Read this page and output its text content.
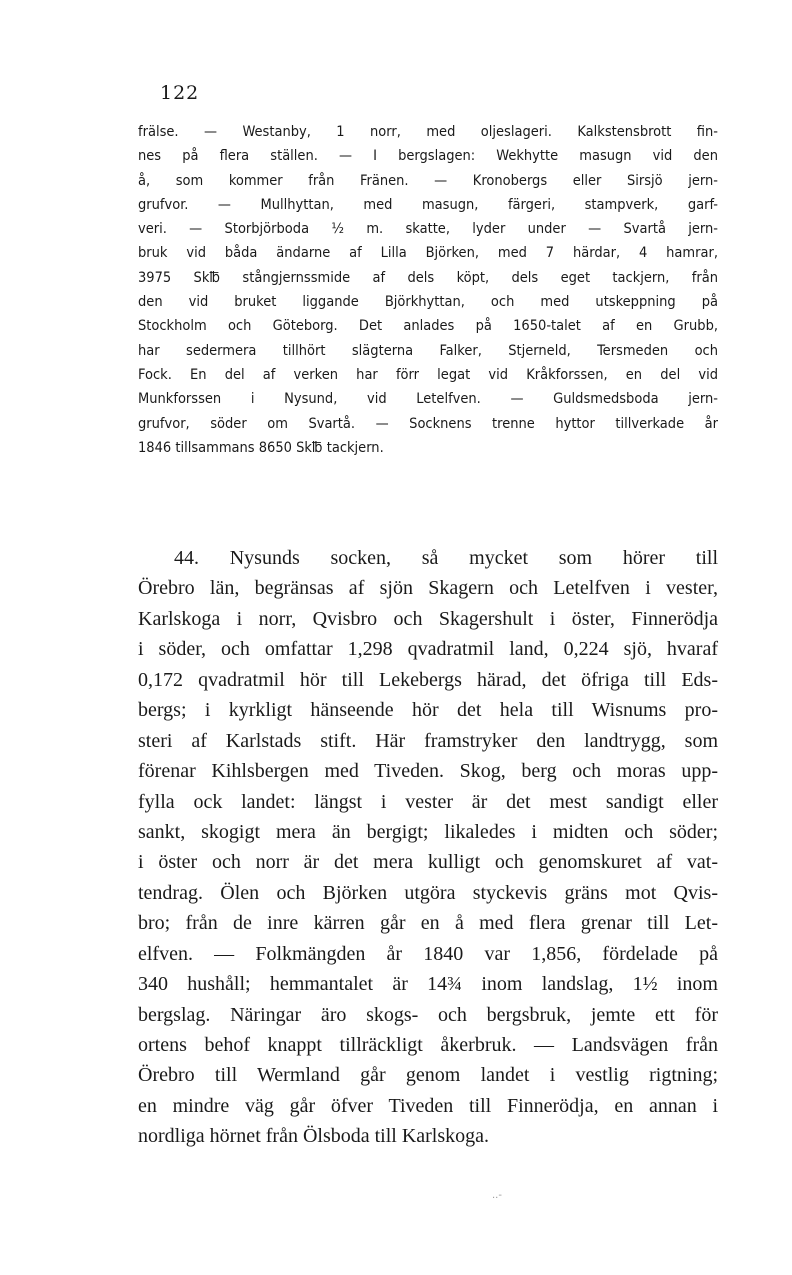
122
frälse. — Westanby, 1 norr, med oljeslageri. Kalkstensbrott fin-
nes på flera ställen. — I bergslagen: Wekhytte masugn vid den
å, som kommer från Fränen. — Kronobergs eller Sirsjö jern-
grufvor. — Mullhyttan, med masugn, färgeri, stampverk, garf-
veri. — Storbjörboda ½ m. skatte, lyder under — Svartå jern-
bruk vid båda ändarne af Lilla Björken, med 7 härdar, 4 hamrar,
3975 Sk℔ stångjernssmide af dels köpt, dels eget tackjern, från
den vid bruket liggande Björkhyttan, och med utskeppning på
Stockholm och Göteborg. Det anlades på 1650-talet af en Grubb,
har sedermera tillhört slägterna Falker, Stjerneld, Tersmeden och
Fock. En del af verken har förr legat vid Kråkforssen, en del vid
Munkforssen i Nysund, vid Letelfven. — Guldsmedsboda jern-
grufvor, söder om Svartå. — Socknens trenne hyttor tillverkade år
1846 tillsammans 8650 Sk℔ tackjern.
44. Nysunds socken, så mycket som hörer till
Örebro län, begränsas af sjön Skagern och Letelfven i vester,
Karlskoga i norr, Qvisbro och Skagershult i öster, Finnerödja
i söder, och omfattar 1,298 qvadratmil land, 0,224 sjö, hvaraf
0,172 qvadratmil hör till Lekebergs härad, det öfriga till Eds-
bergs; i kyrkligt hänseende hör det hela till Wisnums pro-
steri af Karlstads stift. Här framstryker den landtrygg, som
förenar Kihlsbergen med Tiveden. Skog, berg och moras upp-
fylla ock landet: längst i vester är det mest sandigt eller
sankt, skogigt mera än bergigt; likaledes i midten och söder;
i öster och norr är det mera kulligt och genomskuret af vat-
tendrag. Ölen och Björken utgöra styckevis gräns mot Qvis-
bro; från de inre kärren går en å med flera grenar till Let-
elfven. — Folkmängden år 1840 var 1,856, fördelade på
340 hushåll; hemmantalet är 14¾ inom landslag, 1½ inom
bergslag. Näringar äro skogs- och bergsbruk, jemte ett för
ortens behof knappt tillräckligt åkerbruk. — Landsvägen från
Örebro till Wermland går genom landet i vestlig rigtning;
en mindre väg går öfver Tiveden till Finnerödja, en annan i
nordliga hörnet från Ölsboda till Karlskoga.
..-
